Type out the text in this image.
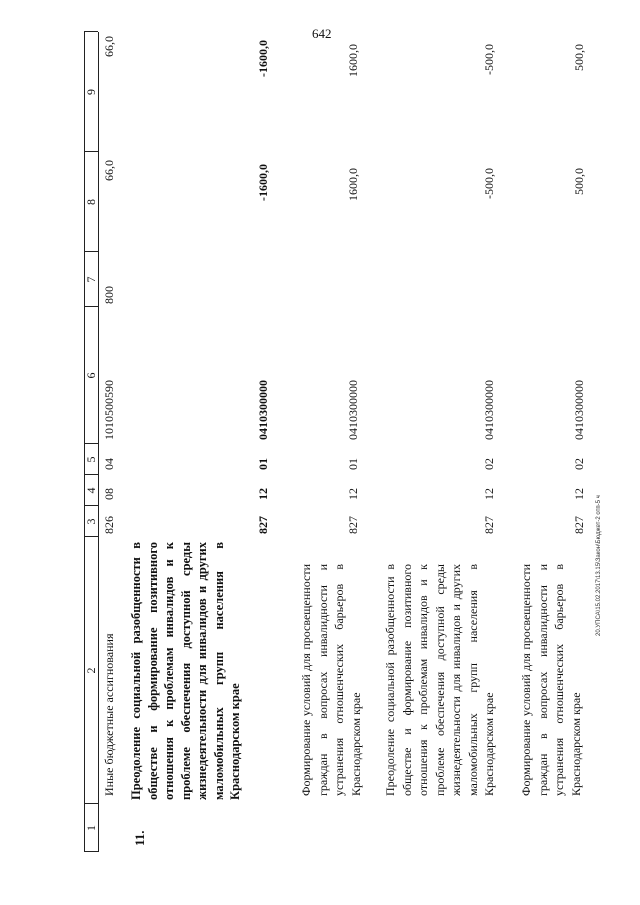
642
20.УПСА\15.02.2017\13.15\Закон\Бюджет-2 отп-5 ч
1
2
3
4
5
6
7
8
9
Иные бюджетные ассигнования
826
08
04
1010500590
800
66,0
66,0
11.
Преодоление социальной разобщенности в обществе и формирование позитивного отношения к проблемам инвалидов и к проблеме обеспечения доступной среды жизнедеятельности для инвалидов и других маломобильных групп населения в Краснодарском крае
827
12
01
0410300000
-1600,0
-1600,0
Формирование условий для просвещенности граждан в вопросах инвалидности и устранения отношенческих барьеров в Краснодарском крае
827
12
01
0410300000
1600,0
1600,0
Преодоление социальной разобщенности в обществе и формирование позитивного отношения к проблемам инвалидов и к проблеме обеспечения доступной среды жизнедеятельности для инвалидов и других маломобильных групп населения в Краснодарском крае
827
12
02
0410300000
-500,0
-500,0
Формирование условий для просвещенности граждан в вопросах инвалидности и устранения отношенческих барьеров в Краснодарском крае
827
12
02
0410300000
500,0
500,0
